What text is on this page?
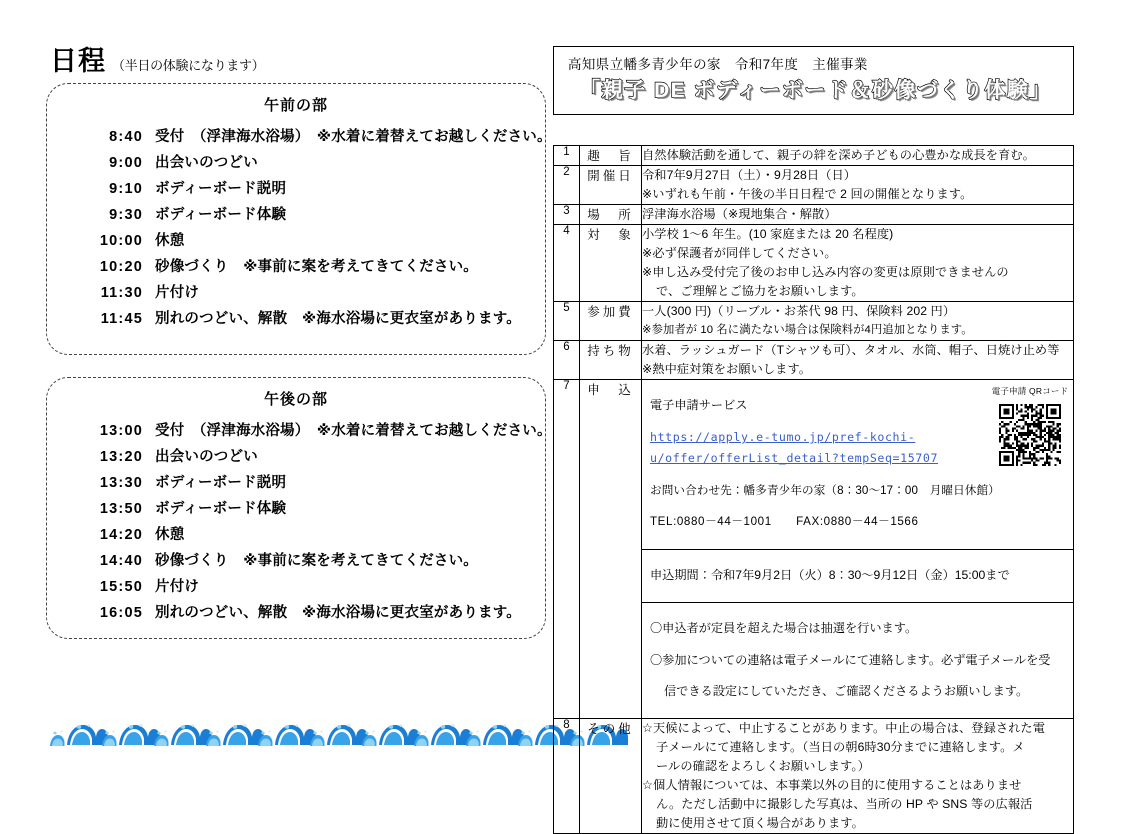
日程 （半日の体験になります）
午前の部
8:40 受付　（浮津海水浴場）　※水着に着替えてお越しください。
9:00 出会いのつどい
9:10 ボディーボード説明
9:30 ボディーボード体験
10:00 休憩
10:20 砂像づくり　※事前に案を考えてきてください。
11:30 片付け
11:45 別れのつどい、解散　※海水浴場に更衣室があります。
午後の部
13:00 受付　（浮津海水浴場）　※水着に着替えてお越しください。
13:20 出会いのつどい
13:30 ボディーボード説明
13:50 ボディーボード体験
14:20 休憩
14:40 砂像づくり　※事前に案を考えてきてください。
15:50 片付け
16:05 別れのつどい、解散　※海水浴場に更衣室があります。
高知県立幡多青少年の家　令和7年度　主催事業
「親子 DE ボディーボード＆砂像づくり体験」
1	趣　旨	自然体験活動を通して、親子の絆を深め子どもの心豊かな成長を育む。

2	開催日	令和7年9月27日（土）・9月28日（日）

※いずれも午前・午後の半日日程で 2 回の開催となります。

3	場　所	浮津海水浴場（※現地集合・解散）

4	対　象	小学校 1～6 年生。(10 家庭または 20 名程度)

※必ず保護者が同伴してください。

※申し込み受付完了後のお申し込み内容の変更は原則できませんの

で、ご理解とご協力をお願いします。

5	参加費	一人(300 円)（リーブル・お茶代 98 円、保険料 202 円）

※参加者が 10 名に満たない場合は保険料が4円追加となります。

6	持ち物	水着、ラッシュガード（Tシャツも可）、タオル、水筒、帽子、日焼け止め等

※熱中症対策をお願いします。

7	申　込	電子申請 QRコード

電子申請サービス

https://apply.e-tumo.jp/pref-kochi-
u/offer/offerList_detail?tempSeq=15707

お問い合わせ先：幡多青少年の家（8：30～17：00　月曜日休館）

TEL:0880－44－1001　　FAX:0880－44－1566

申込期間：令和7年9月2日（火）8：30～9月12日（金）15:00まで

〇申込者が定員を超えた場合は抽選を行います。

〇参加についての連絡は電子メールにて連絡します。必ず電子メールを受

信できる設定にしていただき、ご確認くださるようお願いします。

8	その他	☆天候によって、中止することがあります。中止の場合は、登録された電

子メールにて連絡します。（当日の朝6時30分までに連絡します。メ

ールの確認をよろしくお願いします。）

☆個人情報については、本事業以外の目的に使用することはありませ

ん。ただし活動中に撮影した写真は、当所の HP や SNS 等の広報活

動に使用させて頂く場合があります。
